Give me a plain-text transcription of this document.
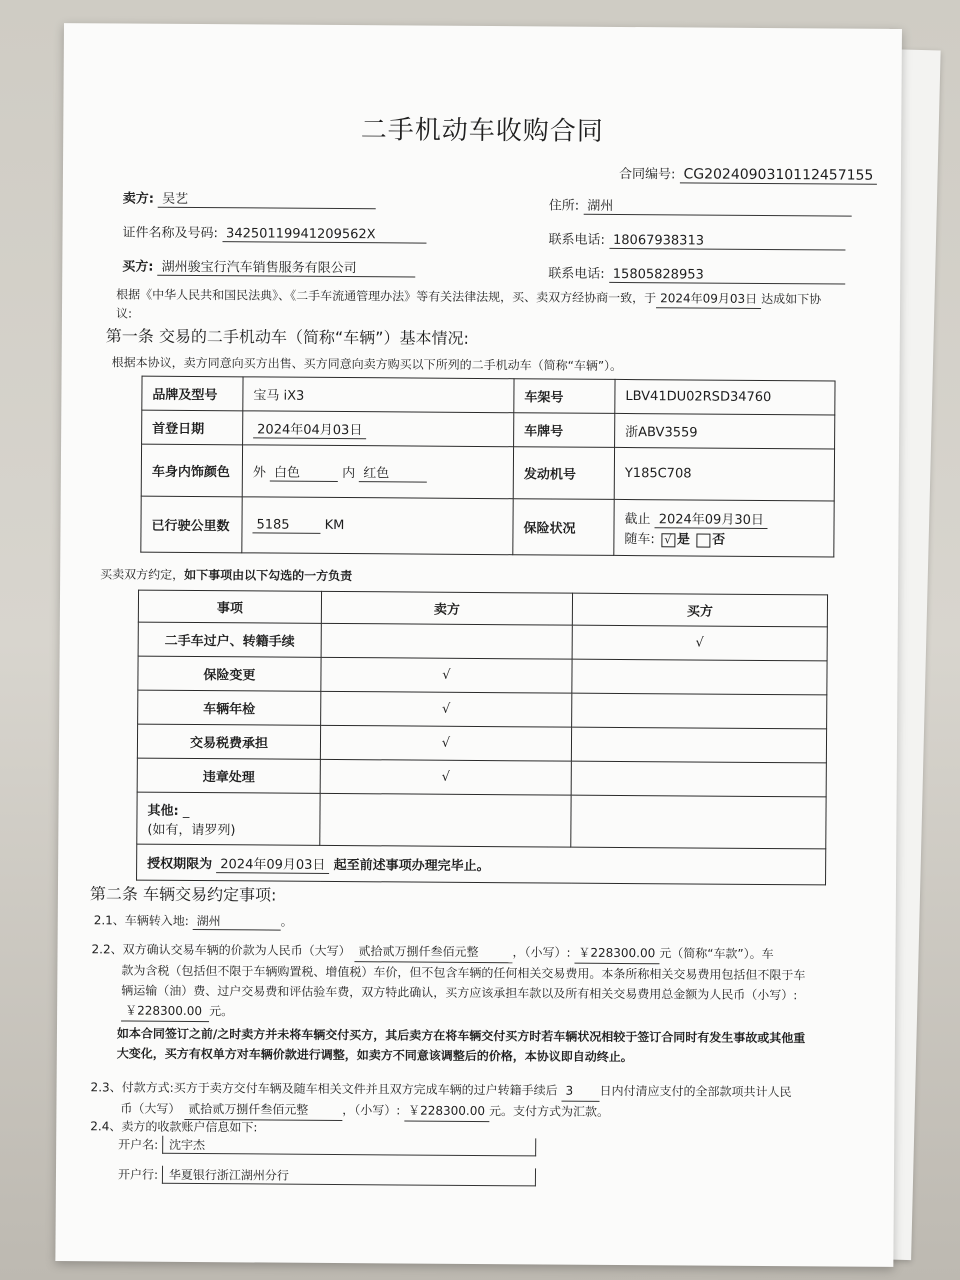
二手机动车收购合同
合同编号: CG2024090310112457155
卖方: 吴艺	住所: 湖州
证件名称及号码: 34250119941209562X	联系电话: 18067938313
买方: 湖州骏宝行汽车销售服务有限公司	联系电话: 15805828953
根据《中华人民共和国民法典》、《二手车流通管理办法》等有关法律法规，买、卖双方经协商一致，于 2024年09月03日 达成如下协
议:
第一条 交易的二手机动车（简称“车辆”）基本情况:
根据本协议，卖方同意向买方出售、买方同意向卖方购买以下所列的二手机动车（简称“车辆”）。
品牌及型号	宝马 iX3	车架号	LBV41DU02RSD34760
首登日期	2024年04月03日	车牌号	浙ABV3559
车身内饰颜色	外 白色 内 红色	发动机号	Y185C708
已行驶公里数	5185 KM	保险状况	截止 2024年09月30日
随车: √ 是 否
买卖双方约定，如下事项由以下勾选的一方负责
事项	卖方	买方
二手车过户、转籍手续		√
保险变更	√	
车辆年检	√	
交易税费承担	√	
违章处理	√	
其他: _
(如有，请罗列)		
授权期限为 2024年09月03日 起至前述事项办理完毕止。		
第二条 车辆交易约定事项:
2.1、车辆转入地: 湖州	。
2.2、双方确认交易车辆的价款为人民币（大写） 贰拾贰万捌仟叁佰元整	，（小写）: ￥228300.00 元（简称“车款”）。车
款为含税（包括但不限于车辆购置税、增值税）车价，但不包含车辆的任何相关交易费用。本条所称相关交易费用包括但不限于车
辆运输（油）费、过户交易费和评估验车费，双方特此确认，买方应该承担车款以及所有相关交易费用总金额为人民币（小写）:
￥228300.00 元。
如本合同签订之前/之时卖方并未将车辆交付买方，其后卖方在将车辆交付买方时若车辆状况相较于签订合同时有发生事故或其他重
大变化，买方有权单方对车辆价款进行调整，如卖方不同意该调整后的价格，本协议即自动终止。
2.3、付款方式:买方于卖方交付车辆及随车相关文件并且双方完成车辆的过户转籍手续后 3 日内付清应支付的全部款项共计人民
币（大写） 贰拾贰万捌仟叁佰元整	，（小写）: ￥228300.00 元。支付方式为汇款。
2.4、卖方的收款账户信息如下:
开户名: 沈宇杰
开户行: 华夏银行浙江湖州分行
